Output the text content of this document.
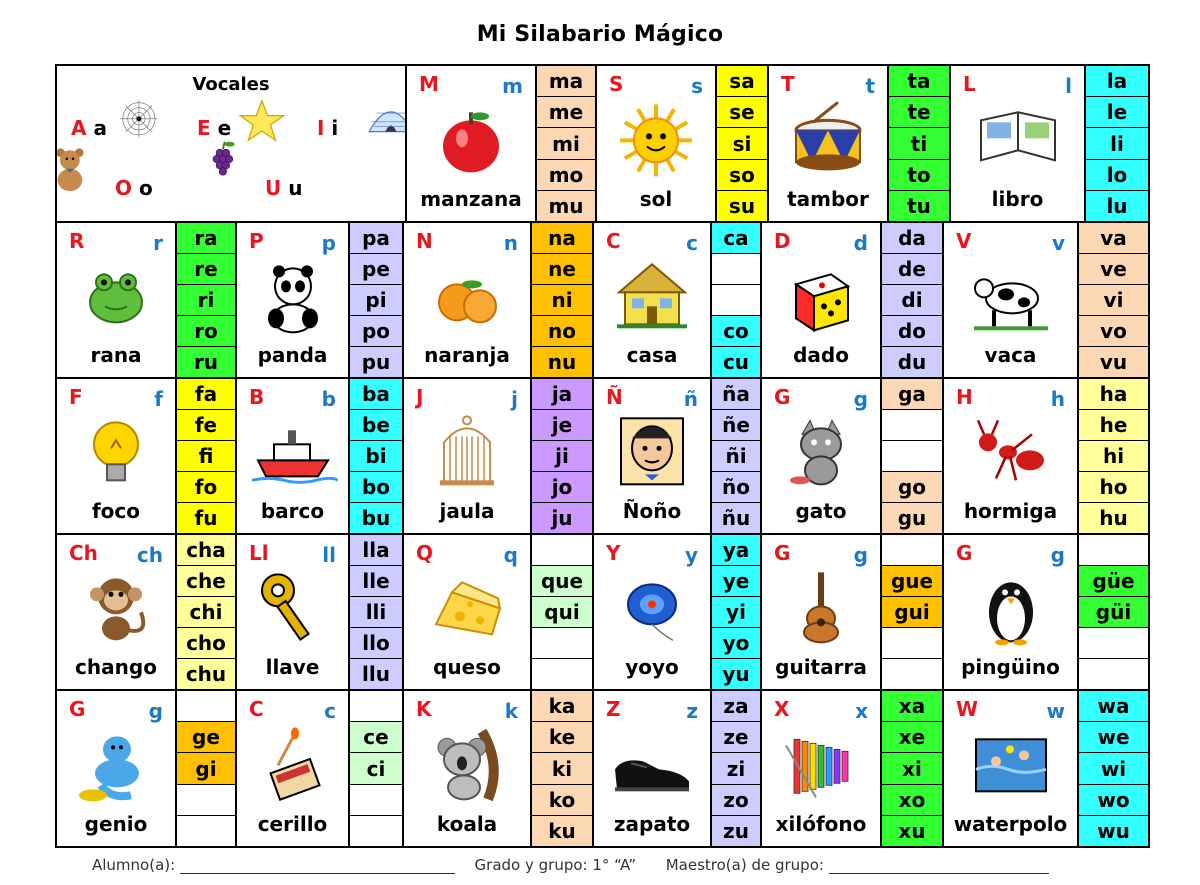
Mi Silabario Mágico
Vocales
A a	E e	I i
O o	U u
M	m
manzana
ma
me
mi
mo
mu
S	s
sol
sa
se
si
so
su
T	t
tambor
ta
te
ti
to
tu
L	l
libro
la
le
li
lo
lu
R	r
rana
ra
re
ri
ro
ru
P	p
panda
pa
pe
pi
po
pu
N	n
naranja
na
ne
ni
no
nu
C	c
casa
ca
co
cu
D	d
dado
da
de
di
do
du
V	v
vaca
va
ve
vi
vo
vu
F	f
foco
fa
fe
fi
fo
fu
B	b
barco
ba
be
bi
bo
bu
J	j
jaula
ja
je
ji
jo
ju
Ñ	ñ
Ñoño
ña
ñe
ñi
ño
ñu
G	g
gato
ga
go
gu
H	h
hormiga
ha
he
hi
ho
hu
Ch ch
chango
cha
che
chi
cho
chu
Ll	ll
llave
lla
lle
lli
llo
llu
Q	q
queso
que
qui
Y	y
yoyo
ya
ye
yi
yo
yu
G	g
guitarra
gue
gui
G	g
pingüino
güe
güi
G	g
genio
ge
gi
C	c
cerillo
ce
ci
K	k
koala
ka
ke
ki
ko
ku
Z	z
zapato
za
ze
zi
zo
zu
X	x
xilófono
xa
xe
xi
xo
xu
W	w
waterpolo
wa
we
wi
wo
wu
Alumno(a):	Grado y grupo: 1° “A” Maestro(a) de grupo:
